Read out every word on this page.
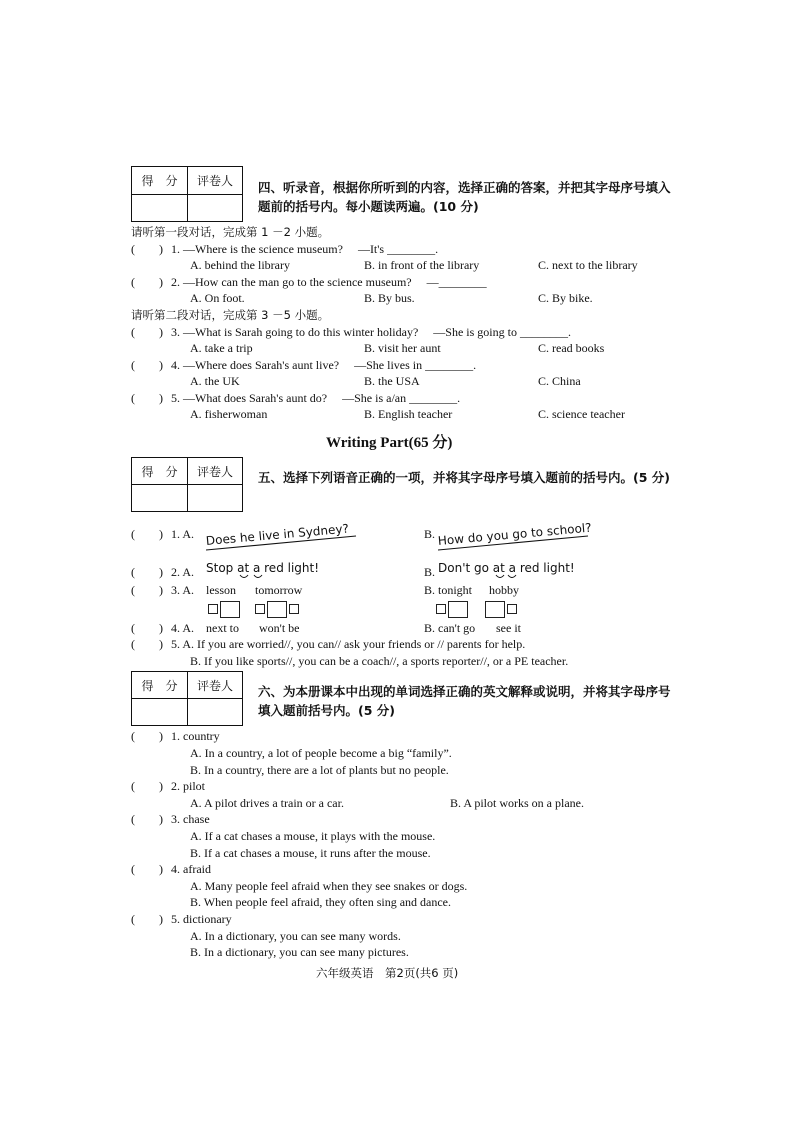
得　分	评卷人
	四、听录音，根据你所听到的内容，选择正确的答案，并把其字母序号填入题前的括号内。每小题读两遍。(10 分)
请听第一段对话，完成第 1 －2 小题。
(　　) 1. —Where is the science museum?　 —It's ________.
A. behind the library	B. in front of the library	C. next to the library
(　　) 2. —How can the man go to the science museum?　 —________
A. On foot.	B. By bus.	C. By bike.
请听第二段对话，完成第 3 －5 小题。
(　　) 3. —What is Sarah going to do this winter holiday?　 —She is going to ________.
A. take a trip	B. visit her aunt	C. read books
(　　) 4. —Where does Sarah's aunt live?　 —She lives in ________.
A. the UK	B. the USA	C. China
(　　) 5. —What does Sarah's aunt do?　 —She is a/an ________.
A. fisherwoman	B. English teacher	C. science teacher
Writing Part(65 分)
得　分	评卷人
	五、选择下列语音正确的一项，并将其字母序号填入题前的括号内。(5 分)
(　　) 1. A. Does he live in Sydney?	B. How do you go to school?
(　　) 2. A. Stop at a red light!	B. Don't go at a red light!
(　　) 3. A. lesson tomorrow	B. tonight hobby
(　　) 4. A. next to won't be	B. can't go see it
(　　) 5. A. If you are worried//, you can// ask your friends or // parents for help.
B. If you like sports//, you can be a coach//, a sports reporter//, or a PE teacher.
得　分	评卷人
	六、为本册课本中出现的单词选择正确的英文解释或说明，并将其字母序号填入题前括号内。(5 分)
(　　) 1. country
A. In a country, a lot of people become a big “family”.
B. In a country, there are a lot of plants but no people.
(　　) 2. pilot
A. A pilot drives a train or a car.	B. A pilot works on a plane.
(　　) 3. chase
A. If a cat chases a mouse, it plays with the mouse.
B. If a cat chases a mouse, it runs after the mouse.
(　　) 4. afraid
A. Many people feel afraid when they see snakes or dogs.
B. When people feel afraid, they often sing and dance.
(　　) 5. dictionary
A. In a dictionary, you can see many words.
B. In a dictionary, you can see many pictures.
六年级英语　第2页(共6 页)
